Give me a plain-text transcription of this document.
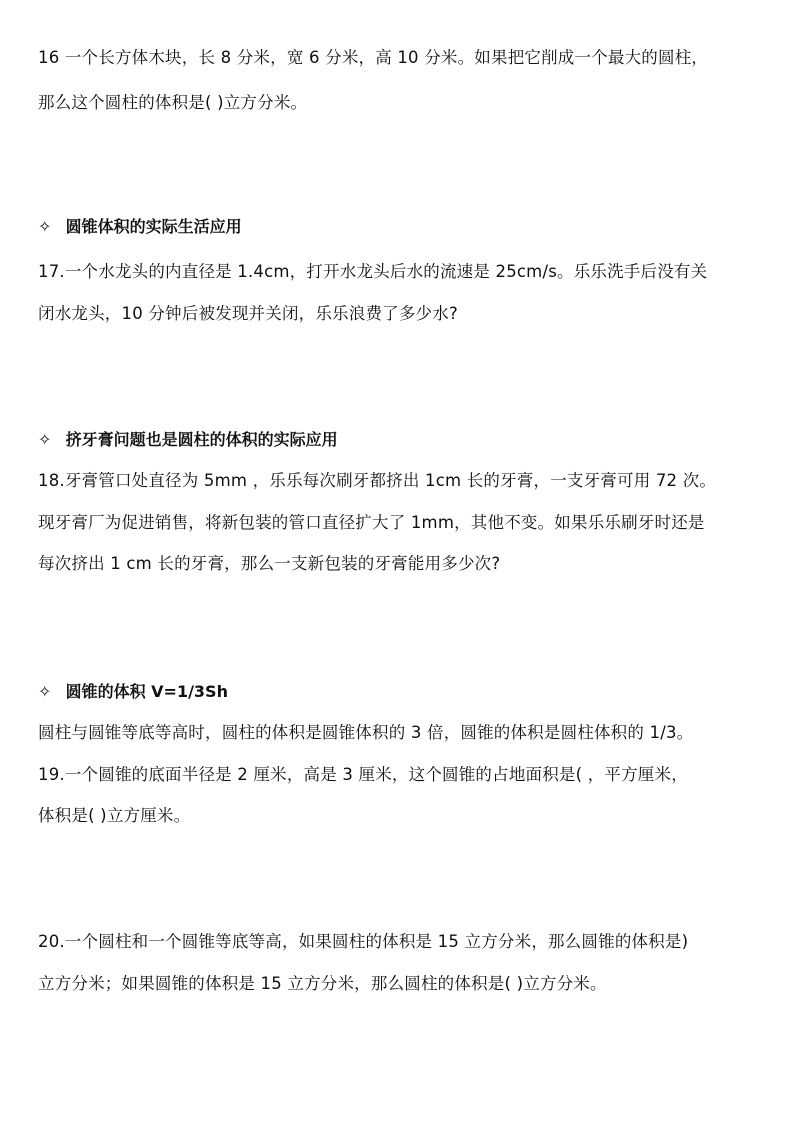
16 一个长方体木块，长 8 分米，宽 6 分米，高 10 分米。如果把它削成一个最大的圆柱，
那么这个圆柱的体积是( )立方分米。
✧ 圆锥体积的实际生活应用
17.一个水龙头的内直径是 1.4cm，打开水龙头后水的流速是 25cm/s。乐乐洗手后没有关
闭水龙头，10 分钟后被发现并关闭，乐乐浪费了多少水?
✧ 挤牙膏问题也是圆柱的体积的实际应用
18.牙膏管口处直径为 5mm ，乐乐每次刷牙都挤出 1cm 长的牙膏，一支牙膏可用 72 次。
现牙膏厂为促进销售，将新包装的管口直径扩大了 1mm，其他不变。如果乐乐刷牙时还是
每次挤出 1 cm 长的牙膏，那么一支新包装的牙膏能用多少次?
✧ 圆锥的体积 V=1/3Sh
圆柱与圆锥等底等高时，圆柱的体积是圆锥体积的 3 倍，圆锥的体积是圆柱体积的 1/3。
19.一个圆锥的底面半径是 2 厘米，高是 3 厘米，这个圆锥的占地面积是( ，平方厘米，
体积是( )立方厘米。
20.一个圆柱和一个圆锥等底等高，如果圆柱的体积是 15 立方分米，那么圆锥的体积是)
立方分米；如果圆锥的体积是 15 立方分米，那么圆柱的体积是( )立方分米。
